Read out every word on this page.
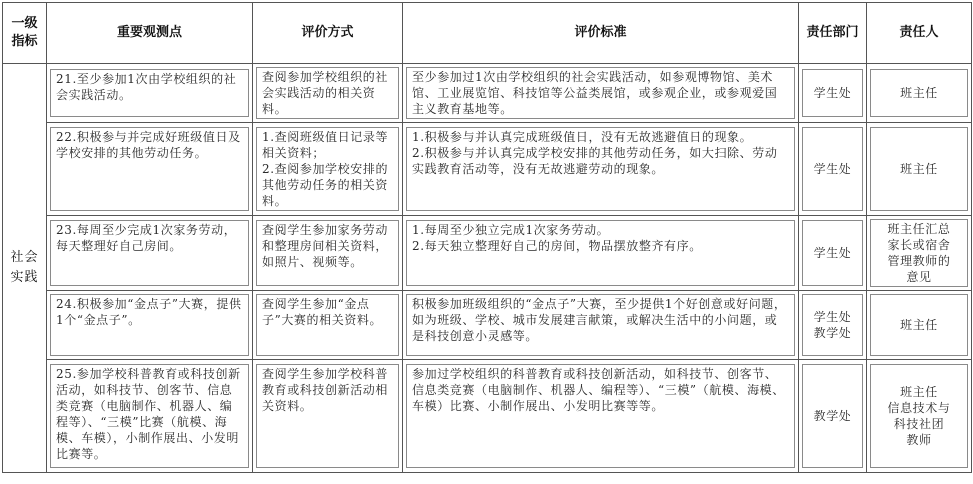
一级指标	重要观测点	评价方式	评价标准	责任部门	责任人
社会实践	21.至少参加1次由学校组织的社会实践活动。	查阅参加学校组织的社会实践活动的相关资料。	至少参加过1次由学校组织的社会实践活动，如参观博物馆、美术馆、工业展览馆、科技馆等公益类展馆，或参观企业，或参观爱国主义教育基地等。	学生处	班主任

	22.积极参与并完成好班级值日及学校安排的其他劳动任务。	1.查阅班级值日记录等相关资料；
2.查阅参加学校安排的其他劳动任务的相关资料。	1.积极参与并认真完成班级值日，没有无故逃避值日的现象。
2.积极参与并认真完成学校安排的其他劳动任务，如大扫除、劳动实践教育活动等，没有无故逃避劳动的现象。	学生处	班主任

	23.每周至少完成1次家务劳动，每天整理好自己房间。	查阅学生参加家务劳动和整理房间相关资料，如照片、视频等。	1.每周至少独立完成1次家务劳动。
2.每天独立整理好自己的房间，物品摆放整齐有序。	学生处	班主任汇总
家长或宿舍
管理教师的
意见

	24.积极参加“金点子”大赛，提供1个“金点子”。	查阅学生参加“金点子”大赛的相关资料。	积极参加班级组织的“金点子”大赛，至少提供1个好创意或好问题，如为班级、学校、城市发展建言献策，或解决生活中的小问题，或是科技创意小灵感等。	学生处
教学处	班主任

	25.参加学校科普教育或科技创新活动，如科技节、创客节、信息类竞赛（电脑制作、机器人、编程等）、“三模”比赛（航模、海模、车模），小制作展出、小发明比赛等。	查阅学生参加学校科普教育或科技创新活动相关资料。	参加过学校组织的科普教育或科技创新活动，如科技节、创客节、信息类竞赛（电脑制作、机器人、编程等）、“三模”（航模、海模、车模）比赛、小制作展出、小发明比赛等等。	教学处	班主任
信息技术与
科技社团
教师
